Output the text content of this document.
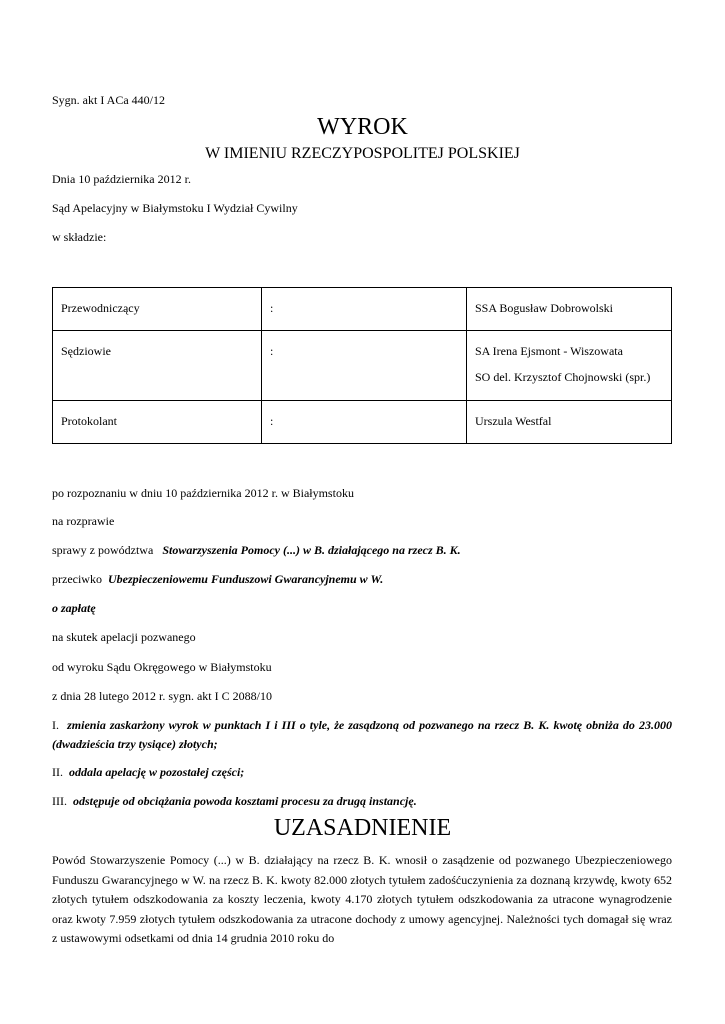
Sygn. akt I ACa 440/12
WYROK
W IMIENIU RZECZYPOSPOLITEJ POLSKIEJ
Dnia 10 października 2012 r.
Sąd Apelacyjny w Białymstoku I Wydział Cywilny
w składzie:
Przewodniczący	:	SSA Bogusław Dobrowolski
Sędziowie	:	SA Irena Ejsmont - Wiszowata
SO del. Krzysztof Chojnowski (spr.)

Protokolant	:	Urszula Westfal
po rozpoznaniu w dniu 10 października 2012 r. w Białymstoku
na rozprawie
sprawy z powództwa Stowarzyszenia Pomocy (...) w B. działającego na rzecz B. K.
przeciwko Ubezpieczeniowemu Funduszowi Gwarancyjnemu w W.
o zapłatę
na skutek apelacji pozwanego
od wyroku Sądu Okręgowego w Białymstoku
z dnia 28 lutego 2012 r. sygn. akt I C 2088/10
I. zmienia zaskarżony wyrok w punktach I i III o tyle, że zasądzoną od pozwanego na rzecz B. K. kwotę obniża do 23.000 (dwadzieścia trzy tysiące) złotych;
II. oddala apelację w pozostałej części;
III. odstępuje od obciążania powoda kosztami procesu za drugą instancję.
UZASADNIENIE
Powód Stowarzyszenie Pomocy (...) w B. działający na rzecz B. K. wnosił o zasądzenie od pozwanego Ubezpieczeniowego Funduszu Gwarancyjnego w W. na rzecz B. K. kwoty 82.000 złotych tytułem zadośćuczynienia za doznaną krzywdę, kwoty 652 złotych tytułem odszkodowania za koszty leczenia, kwoty 4.170 złotych tytułem odszkodowania za utracone wynagrodzenie oraz kwoty 7.959 złotych tytułem odszkodowania za utracone dochody z umowy agencyjnej. Należności tych domagał się wraz z ustawowymi odsetkami od dnia 14 grudnia 2010 roku do
